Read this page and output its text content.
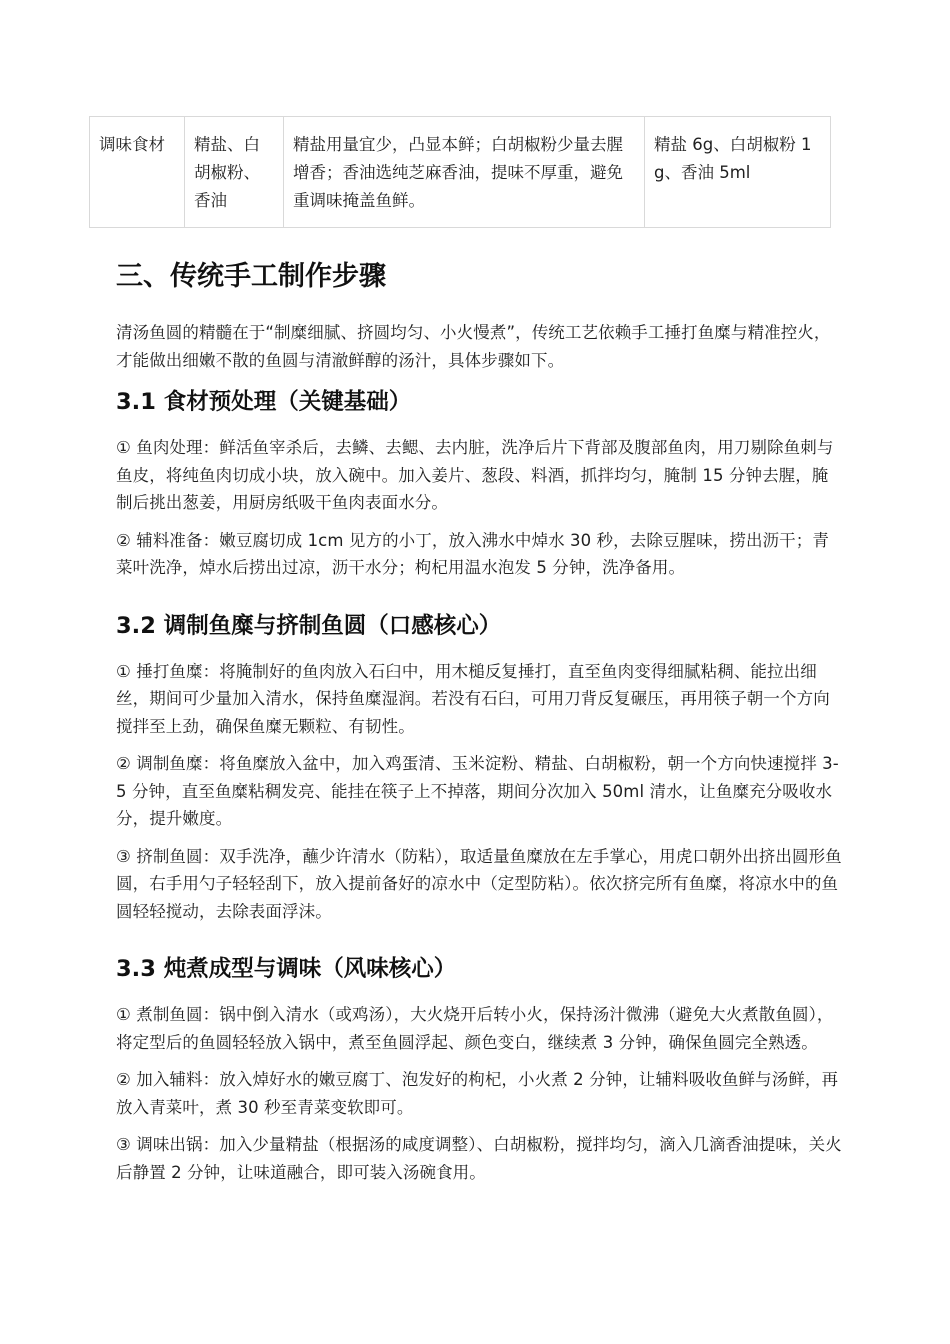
调味食材	精盐、白胡椒粉、香油	精盐用量宜少，凸显本鲜；白胡椒粉少量去腥增香；香油选纯芝麻香油，提味不厚重，避免重调味掩盖鱼鲜。	精盐 6g、白胡椒粉 1g、香油 5ml
三、传统手工制作步骤

清汤鱼圆的精髓在于“制糜细腻、挤圆均匀、小火慢煮”，传统工艺依赖手工捶打鱼糜与精准控火，才能做出细嫩不散的鱼圆与清澈鲜醇的汤汁，具体步骤如下。

3.1 食材预处理（关键基础）

① 鱼肉处理：鲜活鱼宰杀后，去鳞、去鳃、去内脏，洗净后片下背部及腹部鱼肉，用刀剔除鱼刺与鱼皮，将纯鱼肉切成小块，放入碗中。加入姜片、葱段、料酒，抓拌均匀，腌制 15 分钟去腥，腌制后挑出葱姜，用厨房纸吸干鱼肉表面水分。

② 辅料准备：嫩豆腐切成 1cm 见方的小丁，放入沸水中焯水 30 秒，去除豆腥味，捞出沥干；青菜叶洗净，焯水后捞出过凉，沥干水分；枸杞用温水泡发 5 分钟，洗净备用。

3.2 调制鱼糜与挤制鱼圆（口感核心）

① 捶打鱼糜：将腌制好的鱼肉放入石臼中，用木槌反复捶打，直至鱼肉变得细腻粘稠、能拉出细丝，期间可少量加入清水，保持鱼糜湿润。若没有石臼，可用刀背反复碾压，再用筷子朝一个方向搅拌至上劲，确保鱼糜无颗粒、有韧性。

② 调制鱼糜：将鱼糜放入盆中，加入鸡蛋清、玉米淀粉、精盐、白胡椒粉，朝一个方向快速搅拌 3-5 分钟，直至鱼糜粘稠发亮、能挂在筷子上不掉落，期间分次加入 50ml 清水，让鱼糜充分吸收水分，提升嫩度。

③ 挤制鱼圆：双手洗净，蘸少许清水（防粘），取适量鱼糜放在左手掌心，用虎口朝外出挤出圆形鱼圆，右手用勺子轻轻刮下，放入提前备好的凉水中（定型防粘）。依次挤完所有鱼糜，将凉水中的鱼圆轻轻搅动，去除表面浮沫。

3.3 炖煮成型与调味（风味核心）

① 煮制鱼圆：锅中倒入清水（或鸡汤），大火烧开后转小火，保持汤汁微沸（避免大火煮散鱼圆），将定型后的鱼圆轻轻放入锅中，煮至鱼圆浮起、颜色变白，继续煮 3 分钟，确保鱼圆完全熟透。

② 加入辅料：放入焯好水的嫩豆腐丁、泡发好的枸杞，小火煮 2 分钟，让辅料吸收鱼鲜与汤鲜，再放入青菜叶，煮 30 秒至青菜变软即可。

③ 调味出锅：加入少量精盐（根据汤的咸度调整）、白胡椒粉，搅拌均匀，滴入几滴香油提味，关火后静置 2 分钟，让味道融合，即可装入汤碗食用。
